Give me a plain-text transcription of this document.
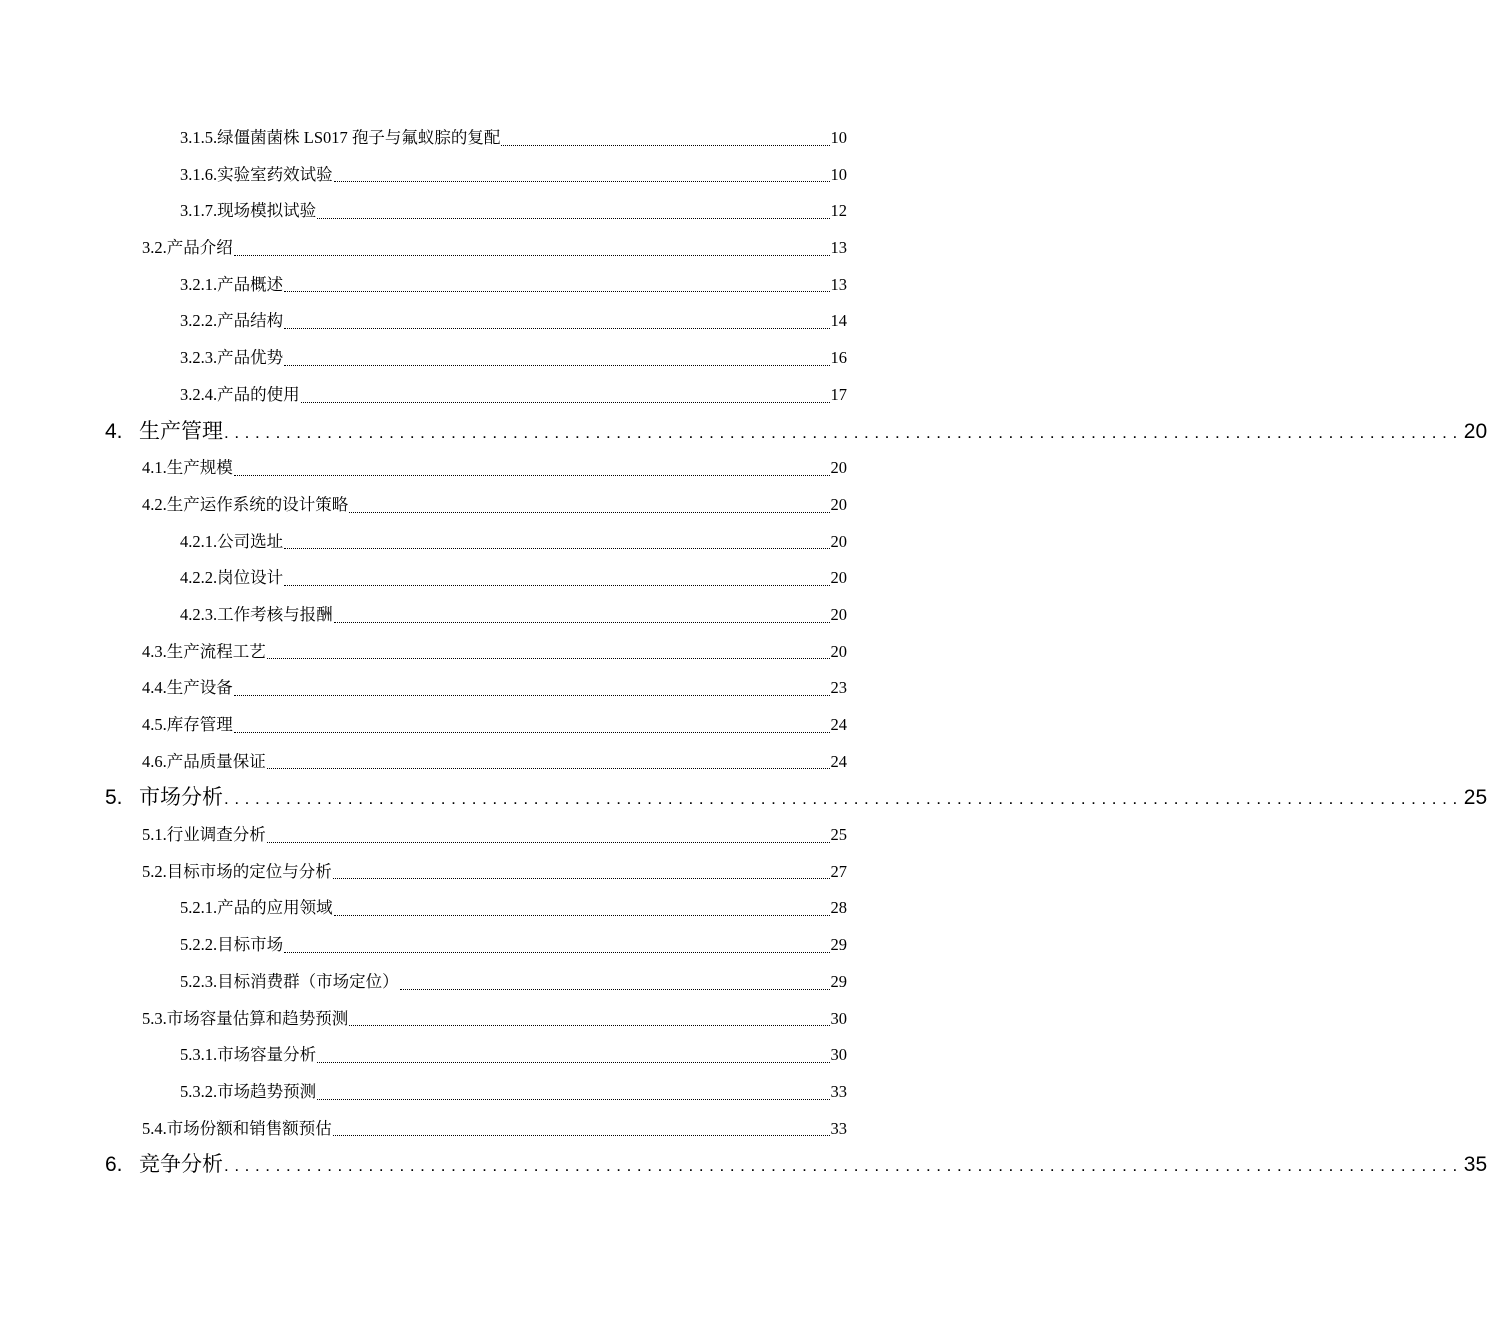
3.1.5.绿僵菌菌株 LS017 孢子与氟蚁腙的复配	10
3.1.6.实验室药效试验	10
3.1.7.现场模拟试验	12
3.2.产品介绍	13
3.2.1.产品概述	13
3.2.2.产品结构	14
3.2.3.产品优势	16
3.2.4.产品的使用	17
4. 生产管理 ........................................................................................................................ 20
4.1.生产规模	20
4.2.生产运作系统的设计策略	20
4.2.1.公司选址	20
4.2.2.岗位设计	20
4.2.3.工作考核与报酬	20
4.3.生产流程工艺	20
4.4.生产设备	23
4.5.库存管理	24
4.6.产品质量保证	24
5. 市场分析 ........................................................................................................................ 25
5.1.行业调查分析	25
5.2.目标市场的定位与分析	27
5.2.1.产品的应用领域	28
5.2.2.目标市场	29
5.2.3.目标消费群（市场定位）	29
5.3.市场容量估算和趋势预测	30
5.3.1.市场容量分析	30
5.3.2.市场趋势预测	33
5.4.市场份额和销售额预估	33
6. 竞争分析 ........................................................................................................................ 35
